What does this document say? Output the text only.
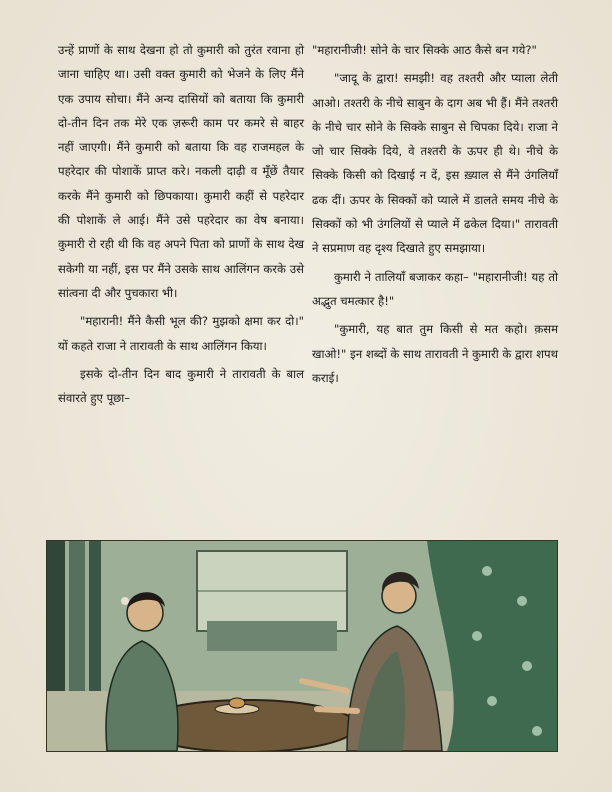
उन्हें प्राणों के साथ देखना हो तो कुमारी को तुरंत रवाना हो जाना चाहिए था। उसी वक्त कुमारी को भेजने के लिए मैंने एक उपाय सोचा। मैंने अन्य दासियों को बताया कि कुमारी दो-तीन दिन तक मेरे एक ज़रूरी काम पर कमरे से बाहर नहीं जाएगी। मैंने कुमारी को बताया कि वह राजमहल के पहरेदार की पोशाकें प्राप्त करे। नकली दाढ़ी व मूँछें तैयार करके मैंने कुमारी को छिपकाया। कुमारी कहीं से पहरेदार की पोशाकें ले आई। मैंने उसे पहरेदार का वेष बनाया। कुमारी रो रही थी कि वह अपने पिता को प्राणों के साथ देख सकेगी या नहीं, इस पर मैंने उसके साथ आलिंगन करके उसे सांत्वना दी और पुचकारा भी।

"महारानी! मैंने कैसी भूल की? मुझको क्षमा कर दो।" यों कहते राजा ने तारावती के साथ आलिंगन किया।

इसके दो-तीन दिन बाद कुमारी ने तारावती के बाल संवारते हुए पूछा–

"महारानीजी! सोने के चार सिक्के आठ कैसे बन गये?"

"जादू के द्वारा! समझी! वह तश्तरी और प्याला लेती आओ। तश्तरी के नीचे साबुन के दाग अब भी हैं। मैंने तश्तरी के नीचे चार सोने के सिक्के साबुन से चिपका दिये। राजा ने जो चार सिक्के दिये, वे तश्तरी के ऊपर ही थे। नीचे के सिक्के किसी को दिखाई न दें, इस ख़्याल से मैंने उंगलियाँ ढक दीं। ऊपर के सिक्कों को प्याले में डालते समय नीचे के सिक्कों को भी उंगलियों से प्याले में ढकेल दिया।" तारावती ने सप्रमाण वह दृश्य दिखाते हुए समझाया।

कुमारी ने तालियाँ बजाकर कहा– "महारानीजी! यह तो अद्भुत चमत्कार है!"

"कुमारी, यह बात तुम किसी से मत कहो। क़सम खाओ!" इन शब्दों के साथ तारावती ने कुमारी के द्वारा शपथ कराई।
